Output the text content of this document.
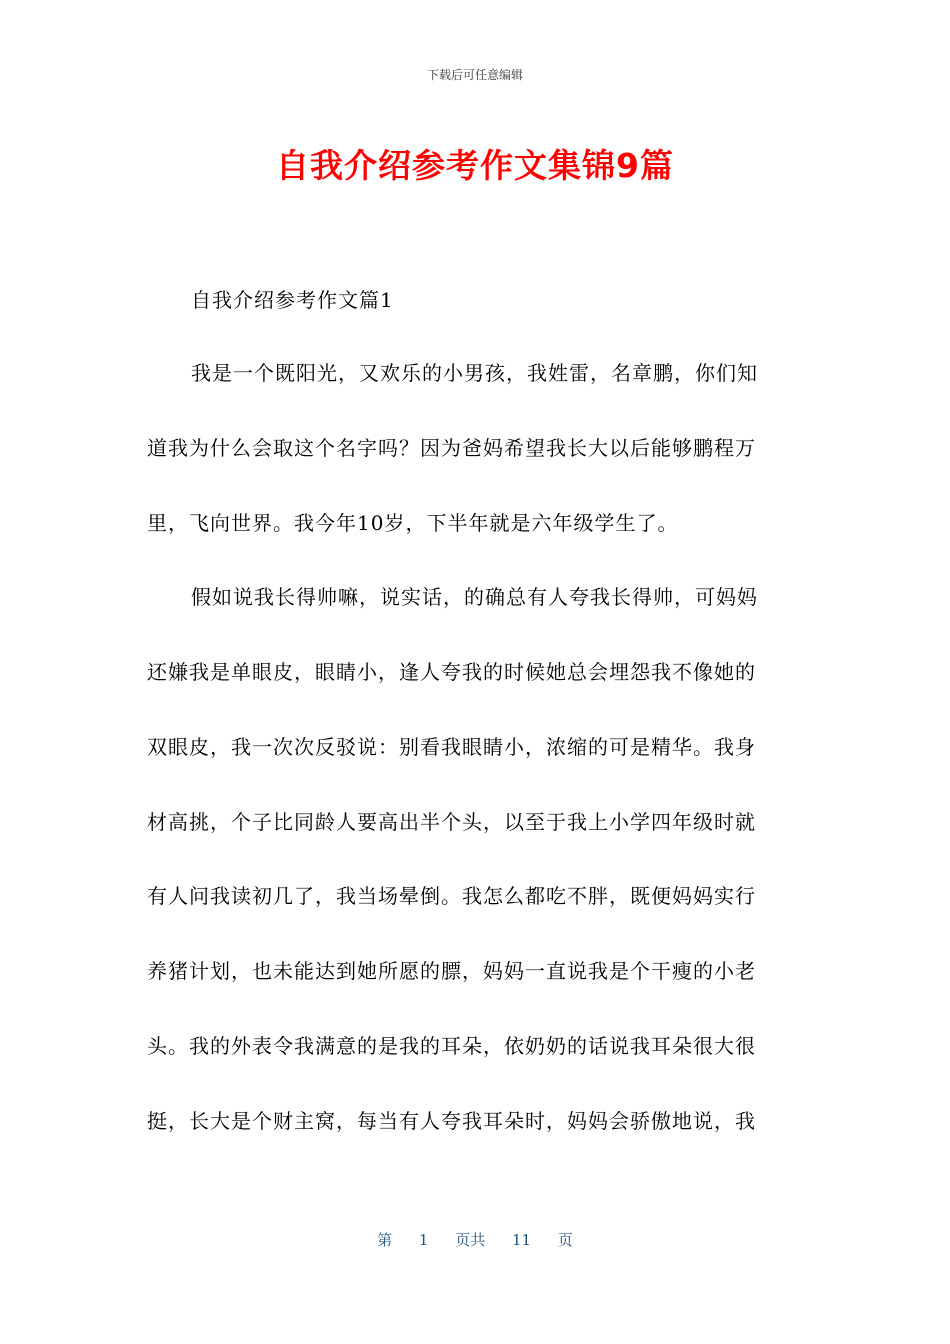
下载后可任意编辑
自我介绍参考作文集锦9篇
自我介绍参考作文篇1
我是一个既阳光，又欢乐的小男孩，我姓雷，名章鹏，你们知
道我为什么会取这个名字吗？因为爸妈希望我长大以后能够鹏程万
里，飞向世界。我今年10岁，下半年就是六年级学生了。
假如说我长得帅嘛，说实话，的确总有人夸我长得帅，可妈妈
还嫌我是单眼皮，眼睛小，逢人夸我的时候她总会埋怨我不像她的
双眼皮，我一次次反驳说：别看我眼睛小，浓缩的可是精华。我身
材高挑，个子比同龄人要高出半个头，以至于我上小学四年级时就
有人问我读初几了，我当场晕倒。我怎么都吃不胖，既便妈妈实行
养猪计划，也未能达到她所愿的膘，妈妈一直说我是个干瘦的小老
头。我的外表令我满意的是我的耳朵，依奶奶的话说我耳朵很大很
挺，长大是个财主窝，每当有人夸我耳朵时，妈妈会骄傲地说，我
第 1 页共 11 页
